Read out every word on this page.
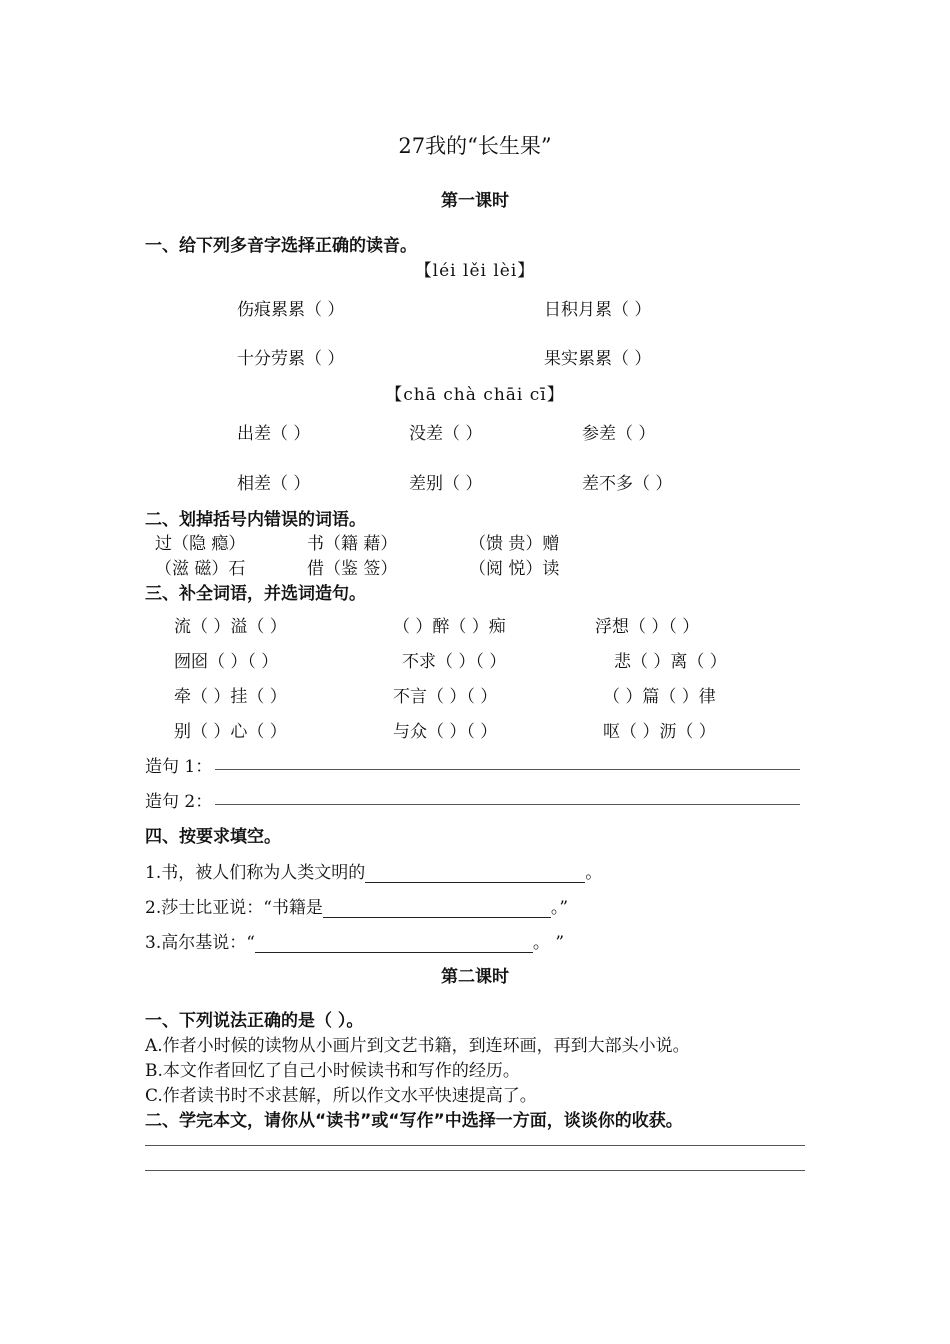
27我的“长生果”
第一课时
一、给下列多音字选择正确的读音。
【léi lěi lèi】
伤痕累累（ ）	日积月累（ ）
十分劳累（ ）	果实累累（ ）
【chā chà chāi cī】
出差（ ）	没差（ ）	参差（ ）
相差（ ）	差别（ ）	差不多（ ）
二、划掉括号内错误的词语。
过（隐 瘾）	书（籍 藉）	（馈 贵）赠
（滋 磁）石	借（鉴 签）	（阅 悦）读
三、补全词语，并选词造句。
流（ ）溢（ ）	（ ）醉（ ）痴	浮想（ ）（ ）
囫囵（ ）（ ）	不求（ ）（ ）	悲（ ）离（ ）
牵（ ）挂（ ）	不言（ ）（ ）	（ ）篇（ ）律
别（ ）心（ ）	与众（ ）（ ）	呕（ ）沥（ ）
造句 1：
造句 2：
四、按要求填空。
1.书，被人们称为人类文明的	。
2.莎士比亚说：“书籍是	。”
3.高尔基说：“	。 ”
第二课时
一、下列说法正确的是（ ）。
A.作者小时候的读物从小画片到文艺书籍，到连环画，再到大部头小说。
B.本文作者回忆了自己小时候读书和写作的经历。
C.作者读书时不求甚解，所以作文水平快速提高了。
二、学完本文，请你从“读书”或“写作”中选择一方面，谈谈你的收获。
